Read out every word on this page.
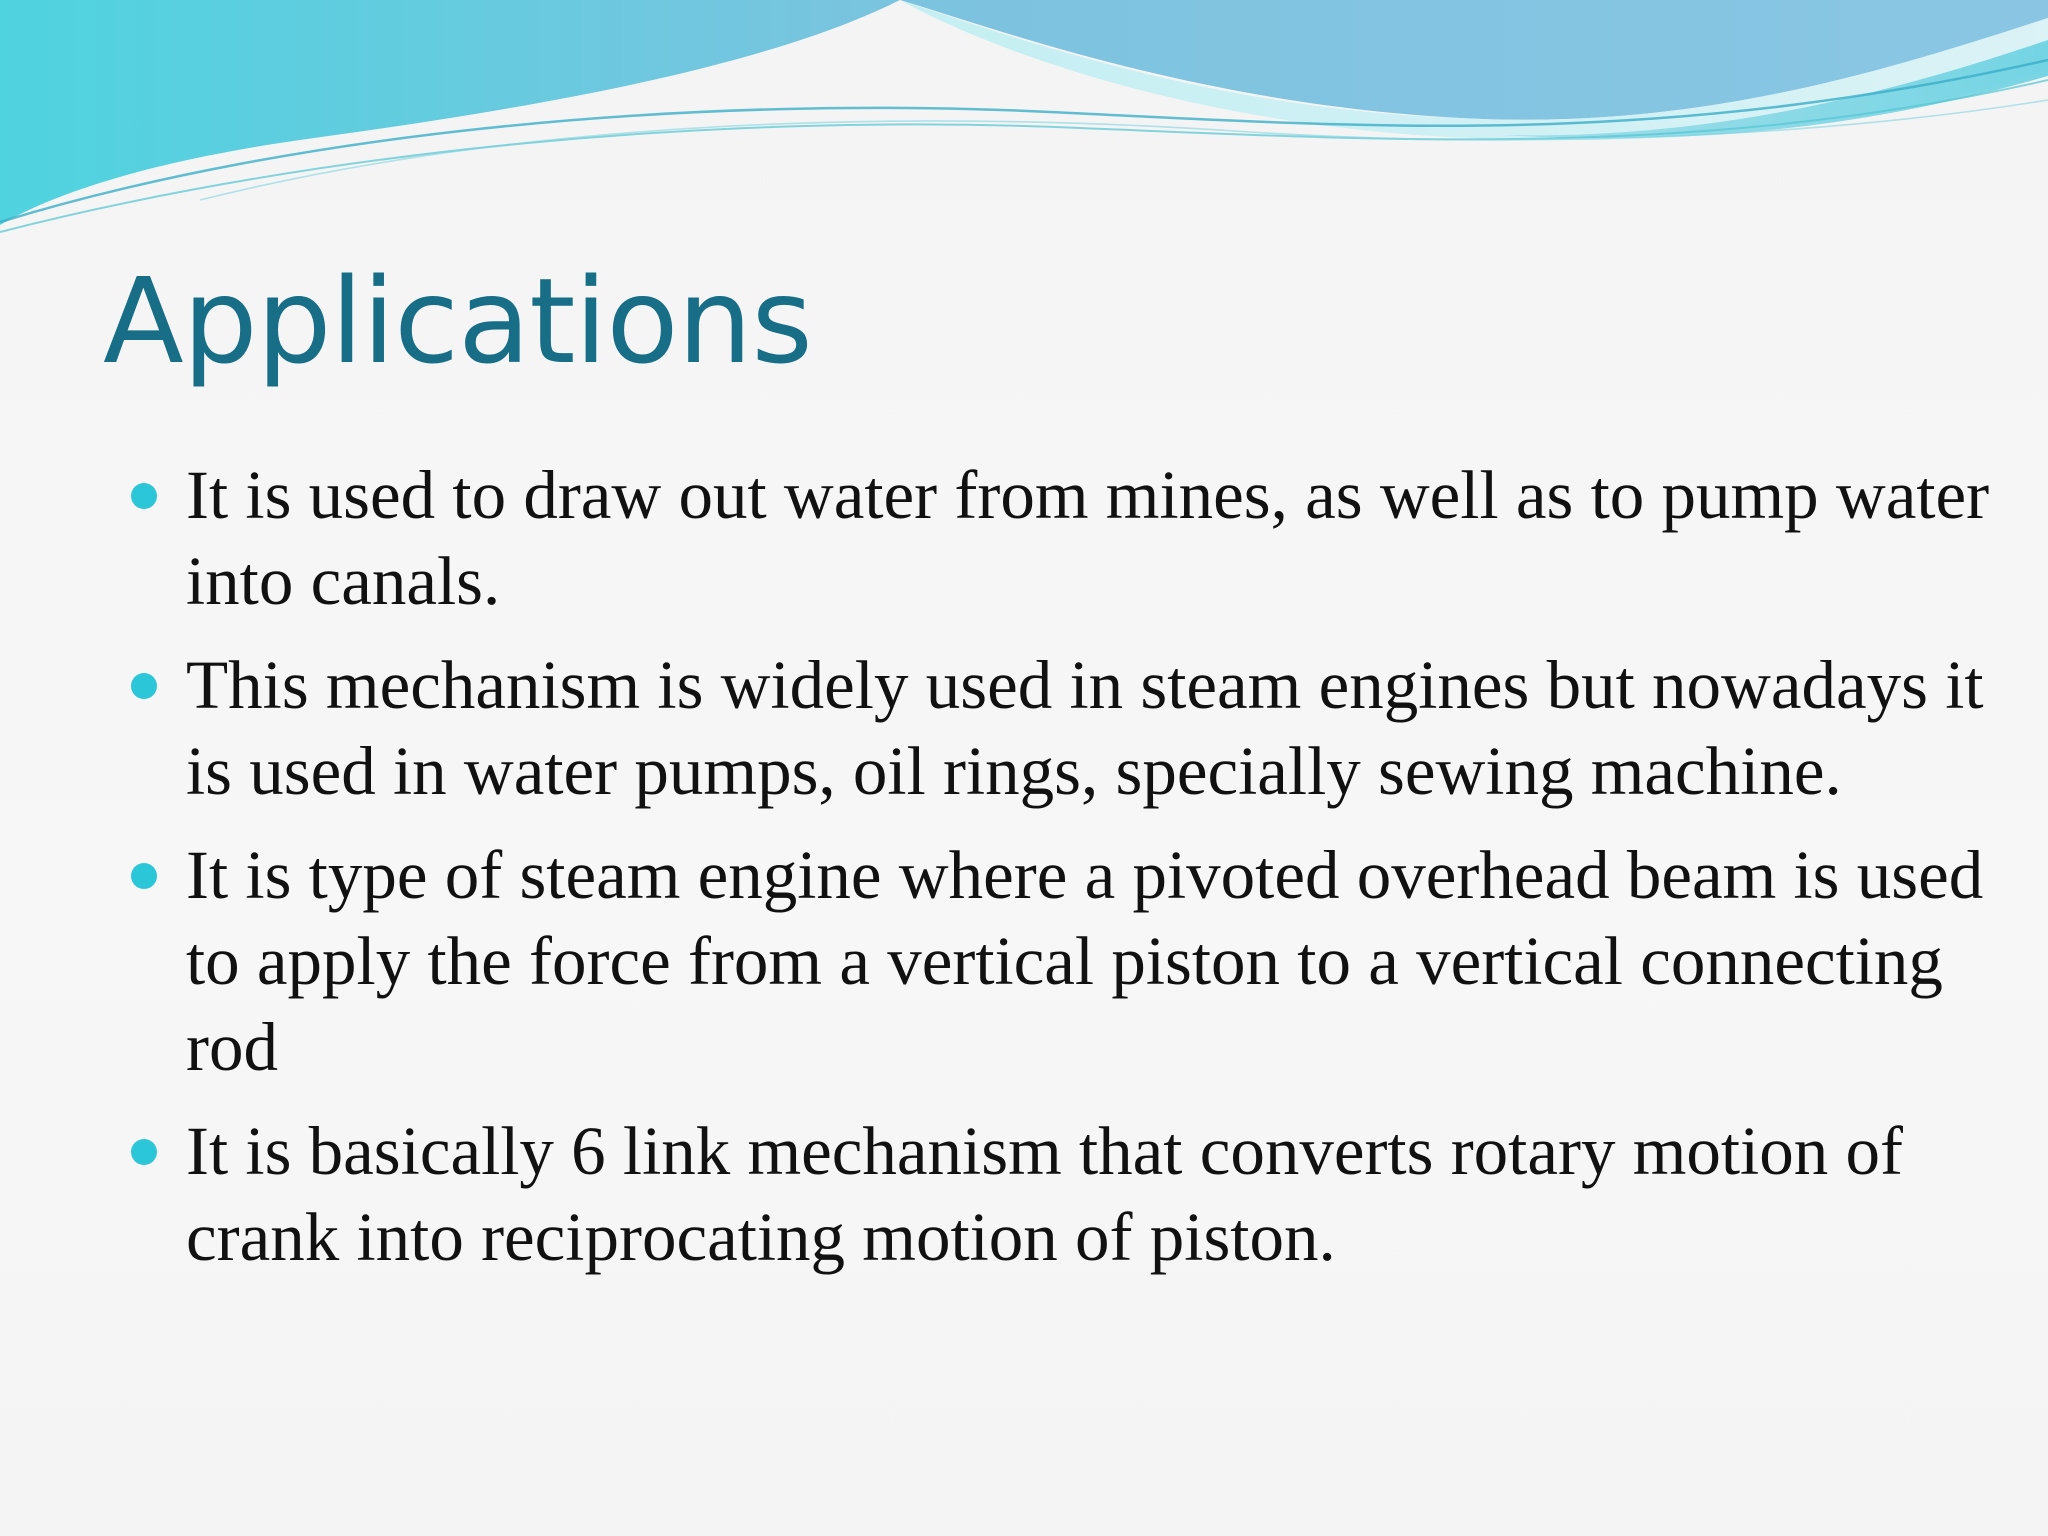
Applications
It is used to draw out water from mines, as well as to pump water into canals.
This mechanism is widely used in steam engines but nowadays it is used in water pumps, oil rings, specially sewing machine.
It is type of steam engine where a pivoted overhead beam is used to apply the force from a vertical piston to a vertical connecting rod
It is basically 6 link mechanism that converts rotary motion of crank into reciprocating motion of piston.
